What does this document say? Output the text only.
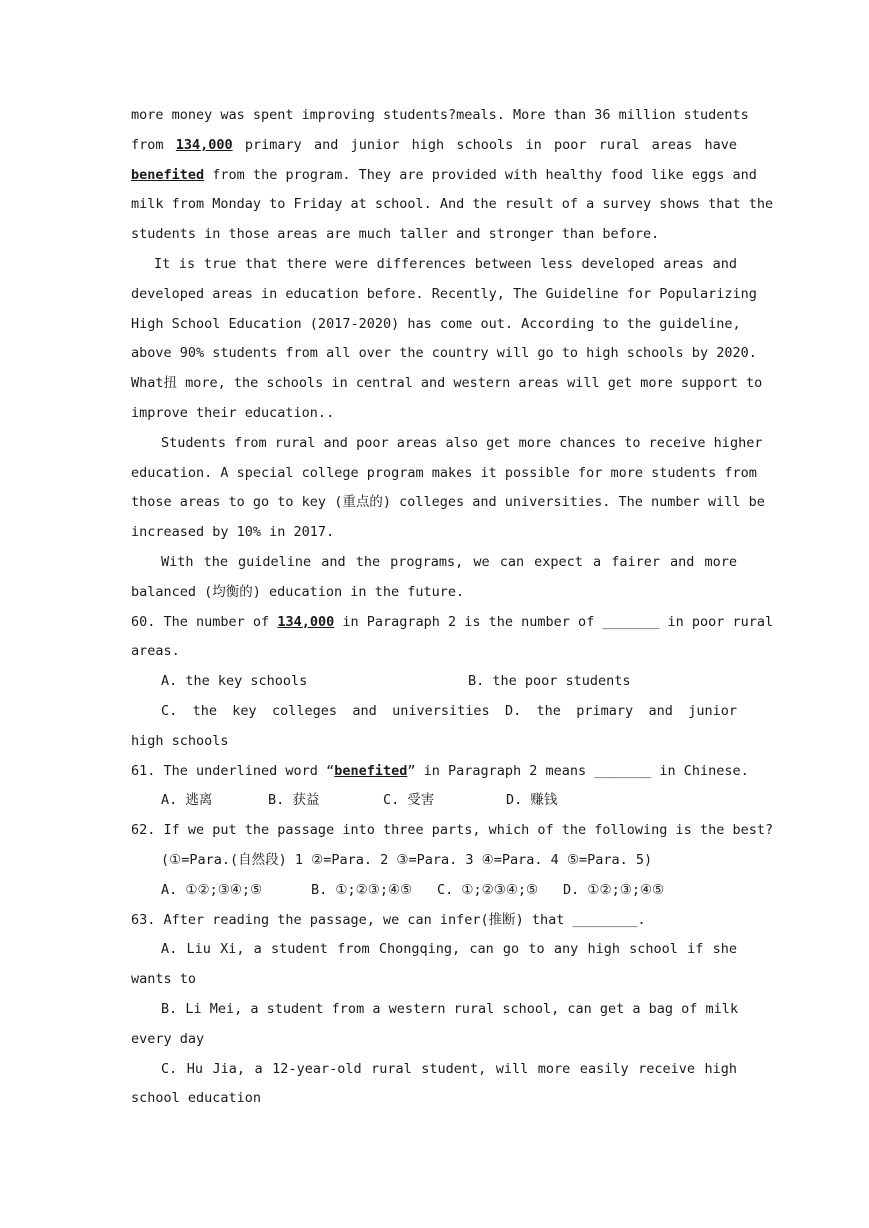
more money was spent improving students?meals. More than 36 million students
from 134,000 primary and junior high schools in poor rural areas have
benefited from the program. They are provided with healthy food like eggs and
milk from Monday to Friday at school. And the result of a survey shows that the
students in those areas are much taller and stronger than before.
It is true that there were differences between less developed areas and
developed areas in education before. Recently, The Guideline for Popularizing
High School Education (2017-2020) has come out. According to the guideline,
above 90% students from all over the country will go to high schools by 2020.
What扭 more, the schools in central and western areas will get more support to
improve their education..
Students from rural and poor areas also get more chances to receive higher
education. A special college program makes it possible for more students from
those areas to go to key (重点的) colleges and universities. The number will be
increased by 10% in 2017.
With the guideline and the programs, we can expect a fairer and more
balanced (均衡的) education in the future.
60. The number of 134,000 in Paragraph 2 is the number of _______ in poor rural
areas.
A. the key schools	B. the poor students
C. the key colleges and universities D. the primary and junior
high schools
61. The underlined word “benefited” in Paragraph 2 means _______ in Chinese.
A. 逃离	B. 获益	C. 受害	D. 赚钱
62. If we put the passage into three parts, which of the following is the best?
(①=Para.(自然段) 1 ②=Para. 2 ③=Para. 3 ④=Para. 4 ⑤=Para. 5)
A. ①②;③④;⑤	B. ①;②③;④⑤ C. ①;②③④;⑤ D. ①②;③;④⑤
63. After reading the passage, we can infer(推断) that ________.
A. Liu Xi, a student from Chongqing, can go to any high school if she
wants to
B. Li Mei, a student from a western rural school, can get a bag of milk
every day
C. Hu Jia, a 12-year-old rural student, will more easily receive high
school education
